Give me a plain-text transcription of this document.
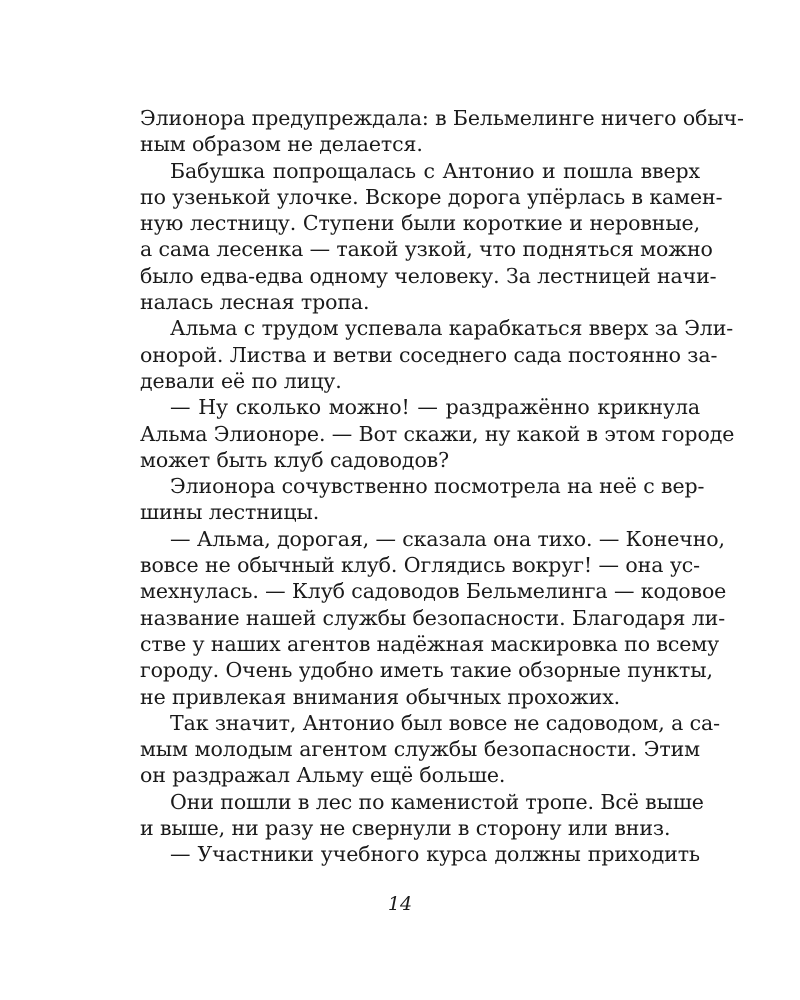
Элионора предупреждала: в Бельмелинге ничего обыч-
ным образом не делается.
Бабушка попрощалась с Антонио и пошла вверх
по узенькой улочке. Вскоре дорога упёрлась в камен-
ную лестницу. Ступени были короткие и неровные,
а сама лесенка — такой узкой, что подняться можно
было едва-едва одному человеку. За лестницей начи-
налась лесная тропа.
Альма с трудом успевала карабкаться вверх за Эли-
онорой. Листва и ветви соседнего сада постоянно за-
девали её по лицу.
— Ну сколько можно! — раздражённо крикнула
Альма Элионоре. — Вот скажи, ну какой в этом городе
может быть клуб садоводов?
Элионора сочувственно посмотрела на неё с вер-
шины лестницы.
— Альма, дорогая, — сказала она тихо. — Конечно,
вовсе не обычный клуб. Оглядись вокруг! — она ус-
мехнулась. — Клуб садоводов Бельмелинга — кодовое
название нашей службы безопасности. Благодаря ли-
стве у наших агентов надёжная маскировка по всему
городу. Очень удобно иметь такие обзорные пункты,
не привлекая внимания обычных прохожих.
Так значит, Антонио был вовсе не садоводом, а са-
мым молодым агентом службы безопасности. Этим
он раздражал Альму ещё больше.
Они пошли в лес по каменистой тропе. Всё выше
и выше, ни разу не свернули в сторону или вниз.
— Участники учебного курса должны приходить
14
